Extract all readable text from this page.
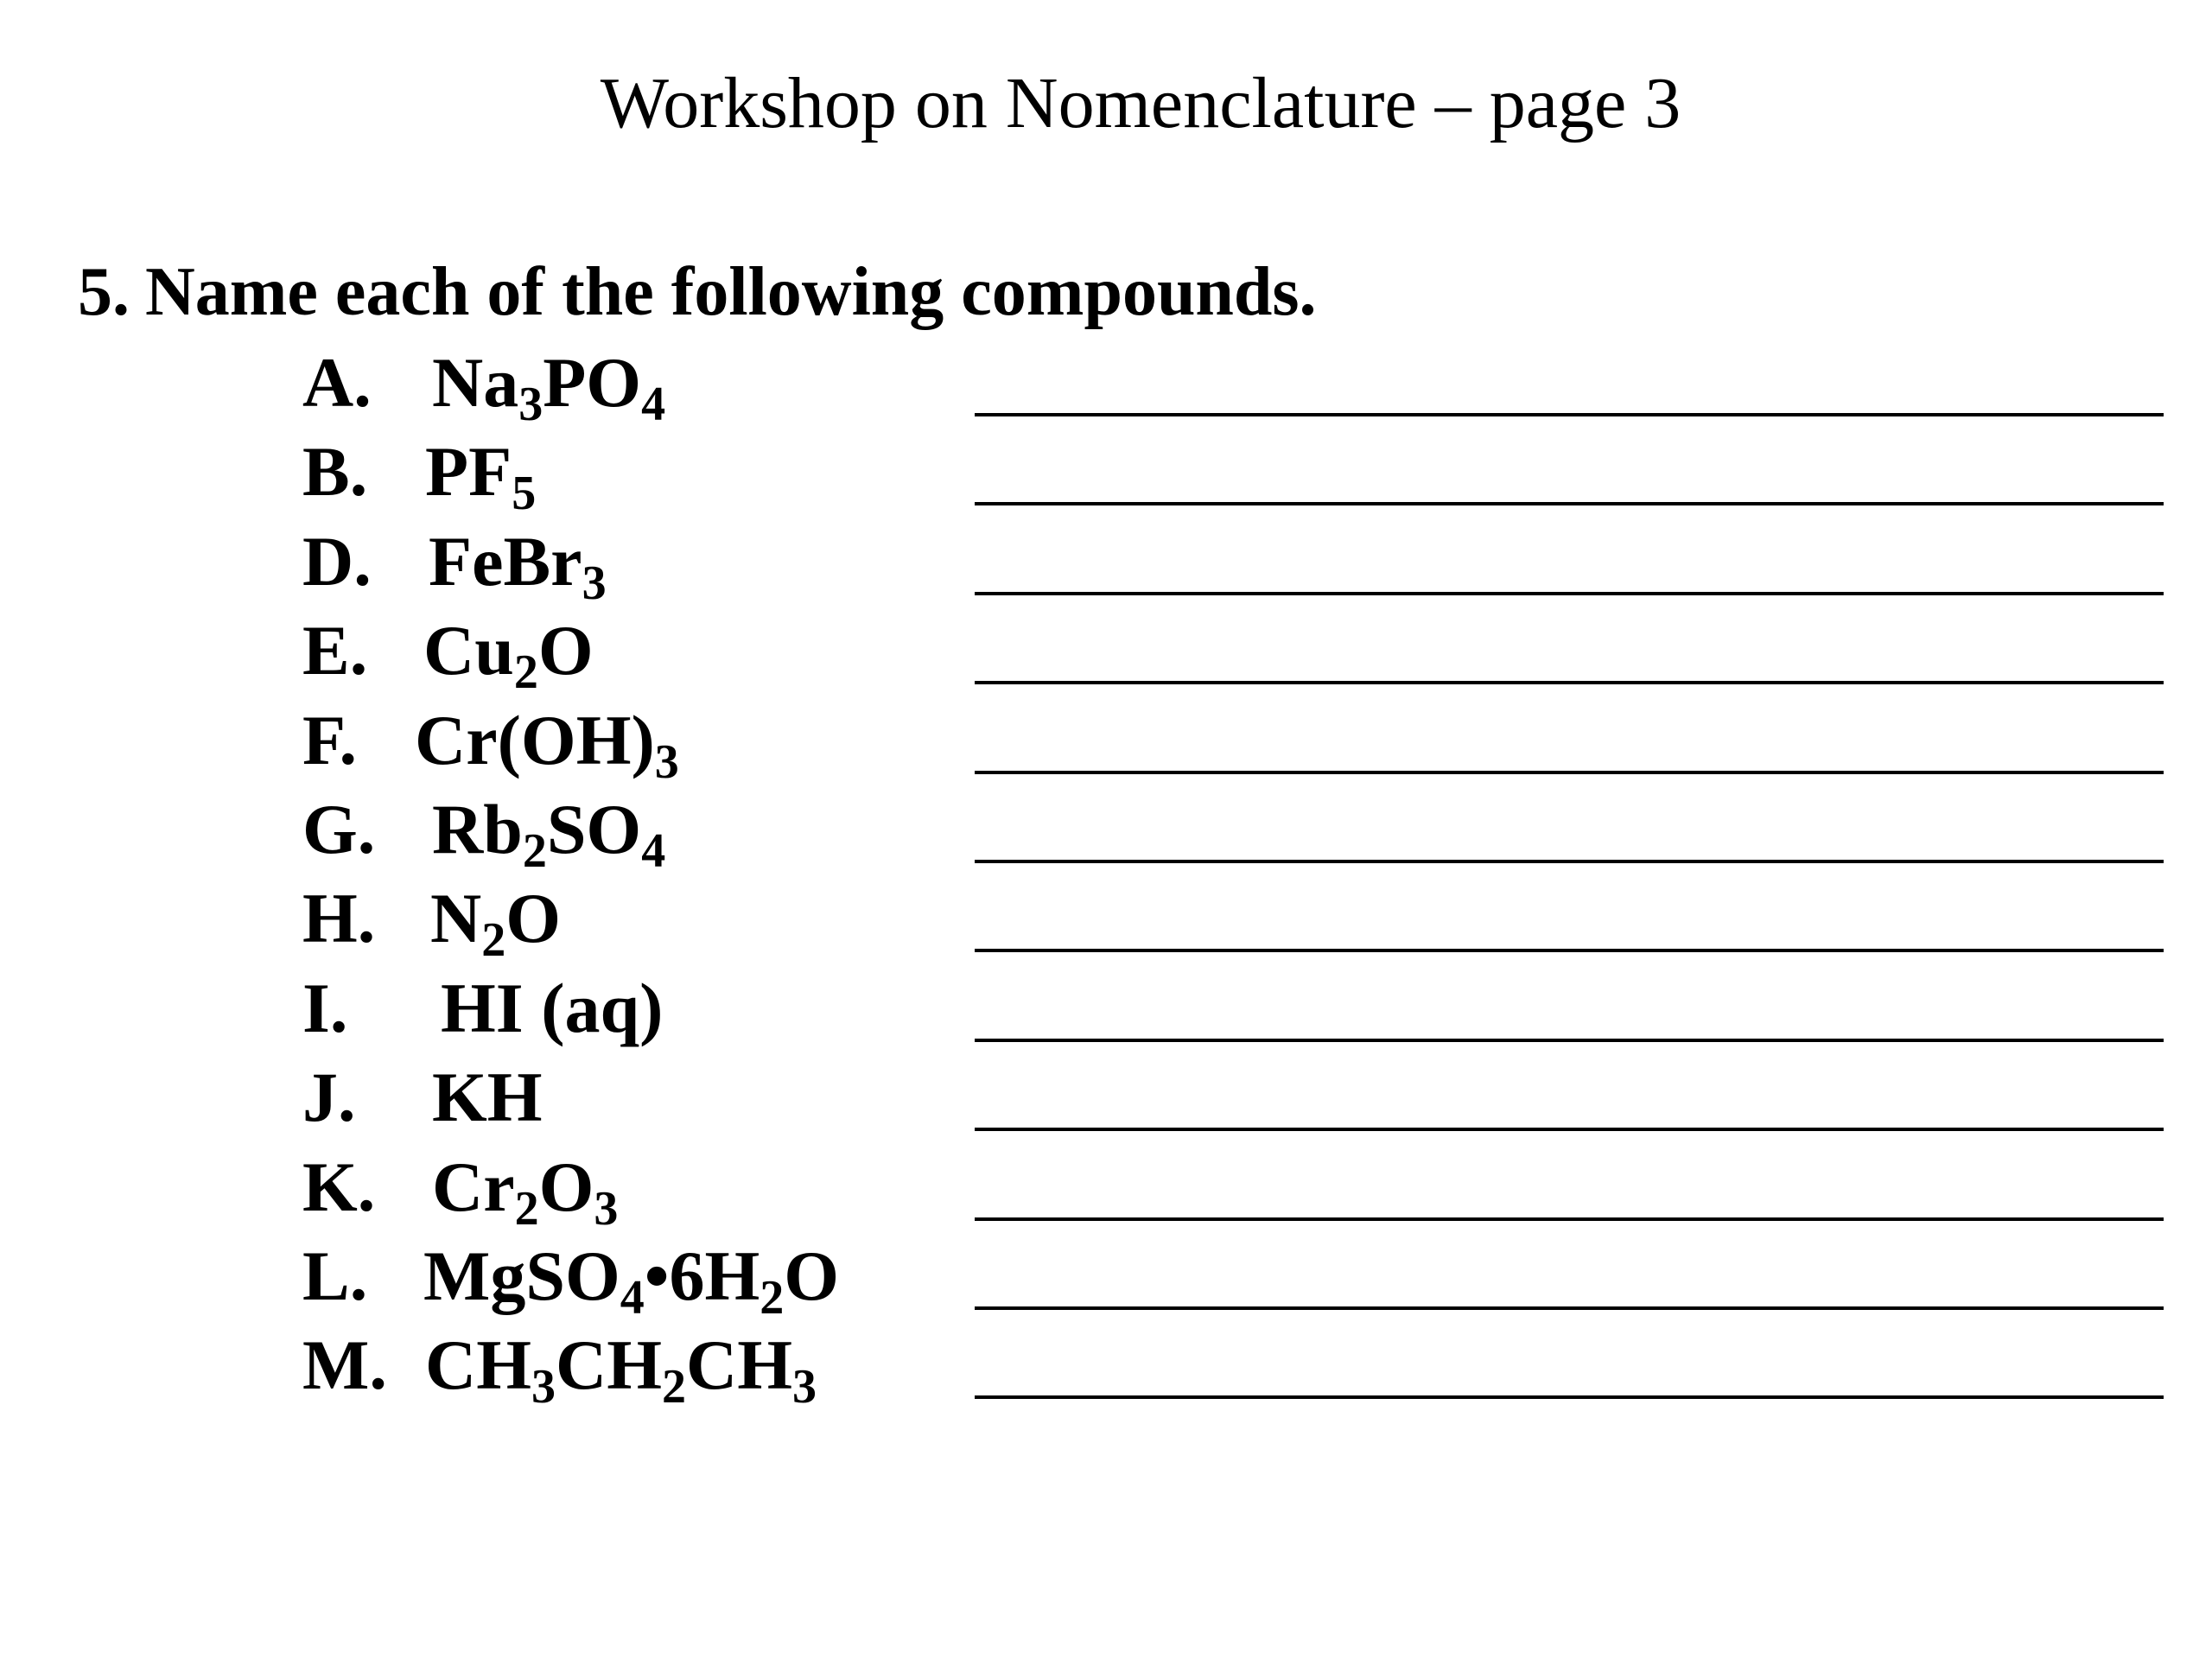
Workshop on Nomenclature – page 3
5. Name each of the following compounds.
A. $Na_3PO_4$
B. $PF_5$
D. FeBr$_3$
E. $Cu_2O$
F. $Cr(OH)_3$
G. $Rb_2SO_4$
H. $N_2O$
I. HI (aq)
J. KH
K. $Cr_2O_3$
L. $MgSO_4•6H_2O$
M. $CH_3CH_2CH_3$
